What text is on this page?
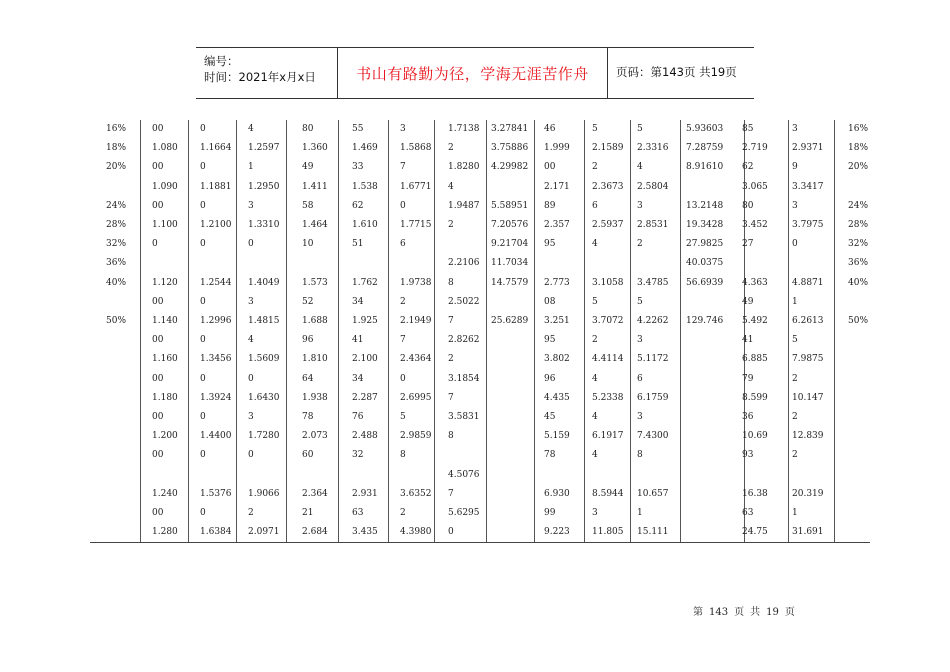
编号：
时间：2021年x月x日	书山有路勤为径，学海无涯苦作舟	页码：第143页 共19页
16%
18%
20%
24%
28%
32%
36%
40%
50%
16%
18%
20%
24%
28%
32%
36%
40%
50%
00
1.080
00
1.090
00
1.100
0
1.120
00
1.140
00
1.160
00
1.180
00
1.200
00
1.240
00
1.280
0
1.1664
0
1.1881
0
1.2100
0
1.2544
0
1.2996
0
1.3456
0
1.3924
0
1.4400
0
1.5376
0
1.6384
4
1.2597
1
1.2950
3
1.3310
0
1.4049
3
1.4815
4
1.5609
0
1.6430
3
1.7280
0
1.9066
2
2.0971
80
1.360
49
1.411
58
1.464
10
1.573
52
1.688
96
1.810
64
1.938
78
2.073
60
2.364
21
2.684
55
1.469
33
1.538
62
1.610
51
1.762
34
1.925
41
2.100
34
2.287
76
2.488
32
2.931
63
3.435
3
1.5868
7
1.6771
0
1.7715
6
1.9738
2
2.1949
7
2.4364
0
2.6995
5
2.9859
8
3.6352
2
4.3980
1.7138
2
1.8280
4
1.9487
2
2.2106
8
2.5022
7
2.8262
2
3.1854
7
3.5831
8
4.5076
7
5.6295
0
3.27841
3.75886
4.29982
5.58951
7.20576
9.21704
11.7034
14.7579
25.6289
46
1.999
00
2.171
89
2.357
95
2.773
08
3.251
95
3.802
96
4.435
45
5.159
78
6.930
99
9.223
5
2.1589
2
2.3673
6
2.5937
4
3.1058
5
3.7072
2
4.4114
4
5.2338
4
6.1917
4
8.5944
3
11.805
5
2.3316
4
2.5804
3
2.8531
2
3.4785
5
4.2262
3
5.1172
6
6.1759
3
7.4300
8
10.657
1
15.111
5.93603
7.28759
8.91610
13.2148
19.3428
27.9825
40.0375
56.6939
129.746
85
2.719
62
3.065
80
3.452
27
4.363
49
5.492
41
6.885
79
8.599
36
10.69
93
16.38
63
24.75
3
2.9371
9
3.3417
3
3.7975
0
4.8871
1
6.2613
5
7.9875
2
10.147
2
12.839
2
20.319
1
31.691
第 143 页 共 19 页
